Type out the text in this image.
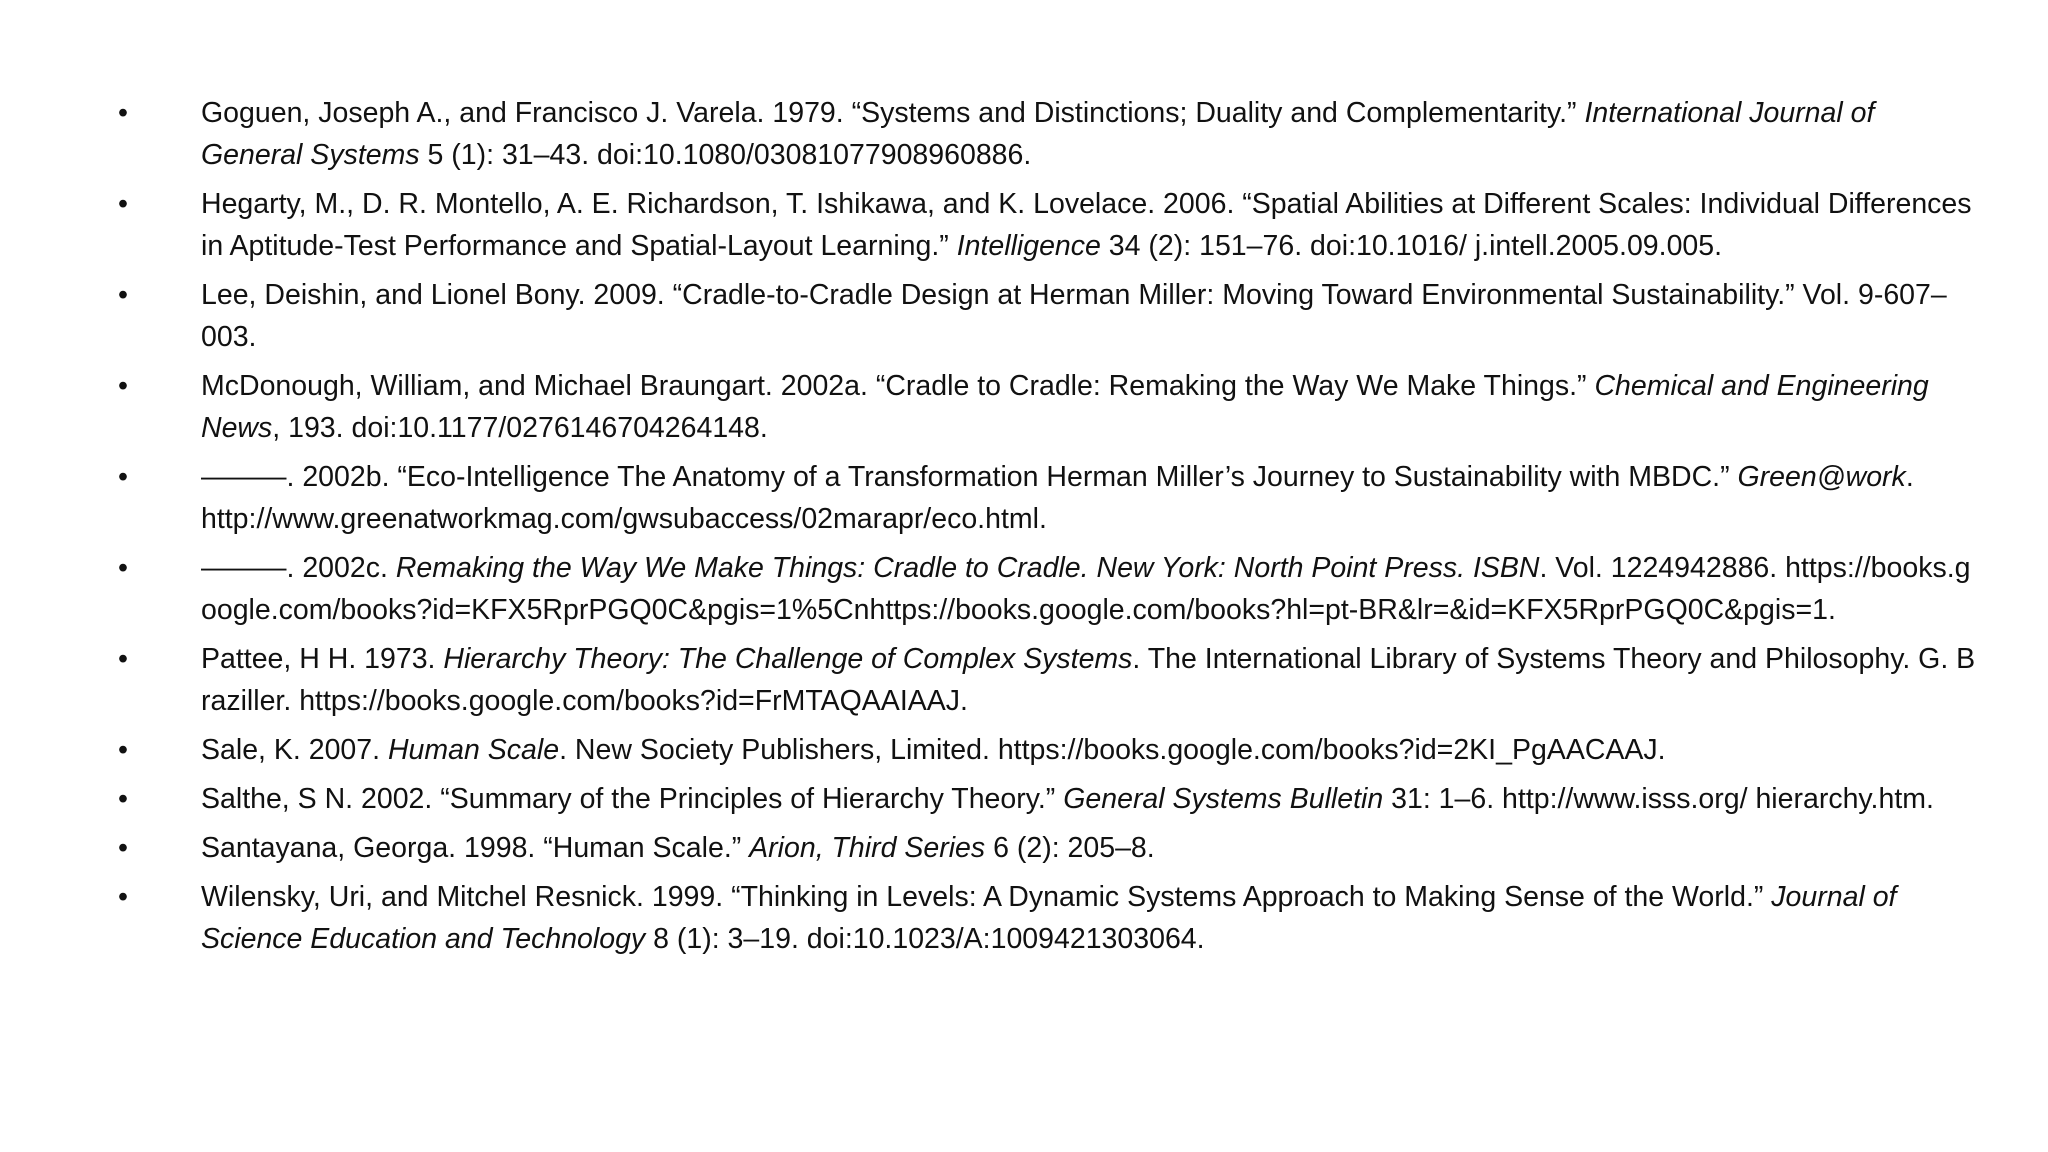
•	Goguen, Joseph A., and Francisco J. Varela. 1979. “Systems and Distinctions; Duality and Complementarity.” International Journal of General Systems 5 (1): 31–43. doi:10.1080/03081077908960886.
•	Hegarty, M., D. R. Montello, A. E. Richardson, T. Ishikawa, and K. Lovelace. 2006. “Spatial Abilities at Different Scales: Individual Differences in Aptitude-Test Performance and Spatial-Layout Learning.” Intelligence 34 (2): 151–76. doi:10.1016/ j.intell.2005.09.005.
•	Lee, Deishin, and Lionel Bony. 2009. “Cradle-to-Cradle Design at Herman Miller: Moving Toward Environmental Sustainability.” Vol. 9-607–003.
•	McDonough, William, and Michael Braungart. 2002a. “Cradle to Cradle: Remaking the Way We Make Things.” Chemical and Engineering News, 193. doi:10.1177/0276146704264148.
•	———. 2002b. “Eco-Intelligence The Anatomy of a Transformation Herman Miller’s Journey to Sustainability with MBDC.” Green@work. http://www.greenatworkmag.com/gwsubaccess/02marapr/eco.html.
•	———. 2002c. Remaking the Way We Make Things: Cradle to Cradle. New York: North Point Press. ISBN. Vol. 1224942886. https://books.google.com/books?id=KFX5RprPGQ0C&pgis=1%5Cnhttps://books.google.com/books?hl=pt-BR&lr=&id=KFX5RprPGQ0C&pgis=1.
•	Pattee, H H. 1973. Hierarchy Theory: The Challenge of Complex Systems. The International Library of Systems Theory and Philosophy. G. Braziller. https://books.google.com/books?id=FrMTAQAAIAAJ.
•	Sale, K. 2007. Human Scale. New Society Publishers, Limited. https://books.google.com/books?id=2KI_PgAACAAJ.
•	Salthe, S N. 2002. “Summary of the Principles of Hierarchy Theory.” General Systems Bulletin 31: 1–6. http://www.isss.org/ hierarchy.htm.
•	Santayana, Georga. 1998. “Human Scale.” Arion, Third Series 6 (2): 205–8.
•	Wilensky, Uri, and Mitchel Resnick. 1999. “Thinking in Levels: A Dynamic Systems Approach to Making Sense of the World.” Journal of Science Education and Technology 8 (1): 3–19. doi:10.1023/A:1009421303064.
